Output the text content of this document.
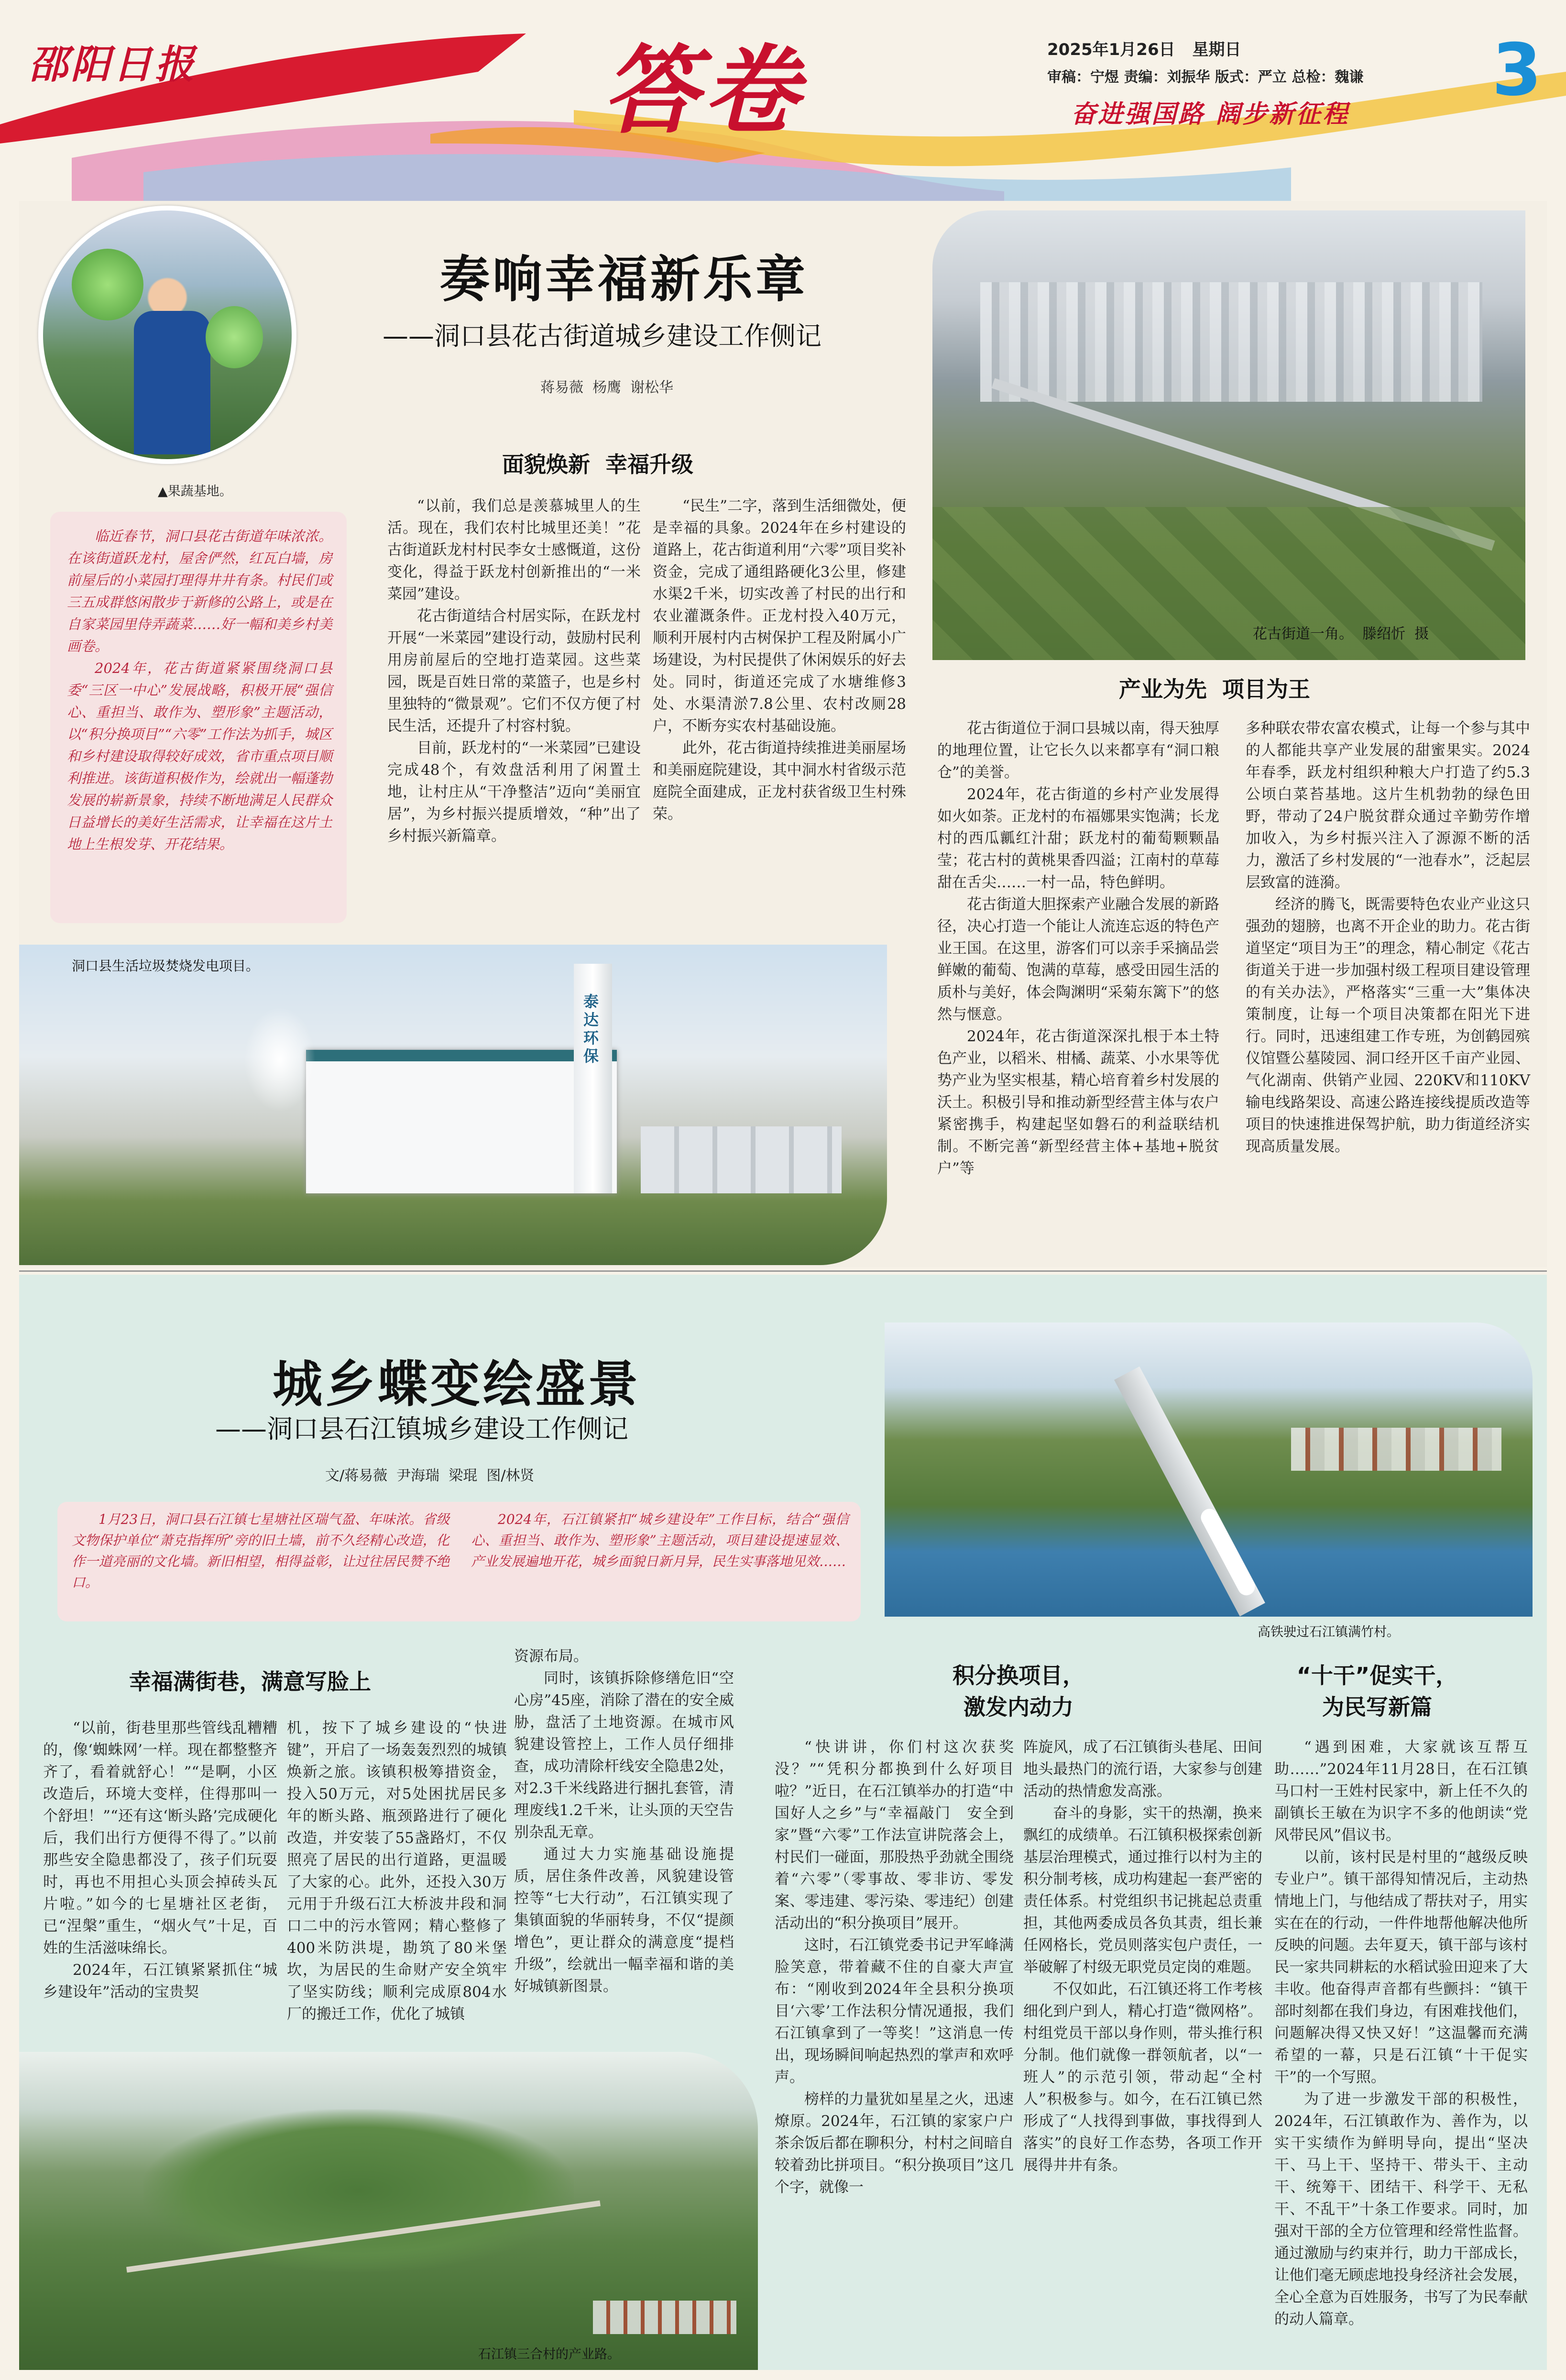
邵阳日报	答卷	2025年1月26日 星期日
审稿：宁煜 责编：刘振华 版式：严立 总检：魏谦
奋进强国路 阔步新征程
3
▲果蔬基地。

临近春节，洞口县花古街道年味浓浓。在该街道跃龙村，屋舍俨然，红瓦白墙，房前屋后的小菜园打理得井井有条。村民们或三五成群悠闲散步于新修的公路上，或是在自家菜园里侍弄蔬菜……好一幅和美乡村美画卷。

2024年，花古街道紧紧围绕洞口县委“三区一中心”发展战略，积极开展“强信心、重担当、敢作为、塑形象”主题活动，以“积分换项目”“六零”工作法为抓手，城区和乡村建设取得较好成效，省市重点项目顺利推进。该街道积极作为，绘就出一幅蓬勃发展的崭新景象，持续不断地满足人民群众日益增长的美好生活需求，让幸福在这片土地上生根发芽、开花结果。

奏响幸福新乐章
——洞口县花古街道城乡建设工作侧记
蒋易薇  杨鹰  谢松华
花古街道一角。  滕绍忻  摄
面貌焕新  幸福升级
产业为先  项目为王

“以前，我们总是羡慕城里人的生活。现在，我们农村比城里还美！”花古街道跃龙村村民李女士感慨道，这份变化，得益于跃龙村创新推出的“一米菜园”建设。

花古街道结合村居实际，在跃龙村开展“一米菜园”建设行动，鼓励村民利用房前屋后的空地打造菜园。这些菜园，既是百姓日常的菜篮子，也是乡村里独特的“微景观”。它们不仅方便了村民生活，还提升了村容村貌。

目前，跃龙村的“一米菜园”已建设完成48个，有效盘活利用了闲置土地，让村庄从“干净整洁”迈向“美丽宜居”，为乡村振兴提质增效，“种”出了乡村振兴新篇章。

“民生”二字，落到生活细微处，便是幸福的具象。2024年在乡村建设的道路上，花古街道利用“六零”项目奖补资金，完成了通组路硬化3公里，修建水渠2千米，切实改善了村民的出行和农业灌溉条件。正龙村投入40万元，顺利开展村内古树保护工程及附属小广场建设，为村民提供了休闲娱乐的好去处。同时，街道还完成了水塘维修3处、水渠清淤7.8公里、农村改厕28户，不断夯实农村基础设施。

此外，花古街道持续推进美丽屋场和美丽庭院建设，其中洞水村省级示范庭院全面建成，正龙村获省级卫生村殊荣。

花古街道位于洞口县城以南，得天独厚的地理位置，让它长久以来都享有“洞口粮仓”的美誉。

2024年，花古街道的乡村产业发展得如火如荼。正龙村的布福娜果实饱满；长龙村的西瓜瓤红汁甜；跃龙村的葡萄颗颗晶莹；花古村的黄桃果香四溢；江南村的草莓甜在舌尖……一村一品，特色鲜明。

花古街道大胆探索产业融合发展的新路径，决心打造一个能让人流连忘返的特色产业王国。在这里，游客们可以亲手采摘品尝鲜嫩的葡萄、饱满的草莓，感受田园生活的质朴与美好，体会陶渊明“采菊东篱下”的悠然与惬意。

2024年，花古街道深深扎根于本土特色产业，以稻米、柑橘、蔬菜、小水果等优势产业为坚实根基，精心培育着乡村发展的沃土。积极引导和推动新型经营主体与农户紧密携手，构建起坚如磐石的利益联结机制。不断完善“新型经营主体+基地+脱贫户”等

多种联农带农富农模式，让每一个参与其中的人都能共享产业发展的甜蜜果实。2024年春季，跃龙村组织种粮大户打造了约5.3公顷白菜苔基地。这片生机勃勃的绿色田野，带动了24户脱贫群众通过辛勤劳作增加收入，为乡村振兴注入了源源不断的活力，激活了乡村发展的“一池春水”，泛起层层致富的涟漪。

经济的腾飞，既需要特色农业产业这只强劲的翅膀，也离不开企业的助力。花古街道坚定“项目为王”的理念，精心制定《花古街道关于进一步加强村级工程项目建设管理的有关办法》，严格落实“三重一大”集体决策制度，让每一个项目决策都在阳光下进行。同时，迅速组建工作专班，为创鹤园殡仪馆暨公墓陵园、洞口经开区千亩产业园、气化湖南、供销产业园、220KV和110KV输电线路架设、高速公路连接线提质改造等项目的快速推进保驾护航，助力街道经济实现高质量发展。

泰达环保
洞口县生活垃圾焚烧发电项目。
城乡蝶变绘盛景
——洞口县石江镇城乡建设工作侧记
文/蒋易薇  尹海瑞  梁琨  图/林贤

1月23日，洞口县石江镇七星塘社区瑞气盈、年味浓。省级文物保护单位“萧克指挥所”旁的旧土墙，前不久经精心改造，化作一道亮丽的文化墙。新旧相望，相得益彰，让过往居民赞不绝口。

2024年，石江镇紧扣“城乡建设年”工作目标，结合“强信心、重担当、敢作为、塑形象”主题活动，项目建设提速显效、产业发展遍地开花，城乡面貌日新月异，民生实事落地见效……

高铁驶过石江镇满竹村。
幸福满街巷，满意写脸上	积分换项目，
激发内动力
“十干”促实干，
为民写新篇

“以前，街巷里那些管线乱糟糟的，像‘蜘蛛网’一样。现在都整整齐齐了，看着就舒心！”“是啊，小区改造后，环境大变样，住得那叫一个舒坦！”“还有这‘断头路’完成硬化后，我们出行方便得不得了。”以前那些安全隐患都没了，孩子们玩耍时，再也不用担心头顶会掉砖头瓦片啦。”如今的七星塘社区老街，已“涅槃”重生，“烟火气”十足，百姓的生活滋味绵长。

2024年，石江镇紧紧抓住“城乡建设年”活动的宝贵契

机，按下了城乡建设的“快进键”，开启了一场轰轰烈烈的城镇焕新之旅。该镇积极筹措资金，投入50万元，对5处困扰居民多年的断头路、瓶颈路进行了硬化改造，并安装了55盏路灯，不仅照亮了居民的出行道路，更温暖了大家的心。此外，还投入30万元用于升级石江大桥波井段和洞口二中的污水管网；精心整修了400米防洪堤，勘筑了80米堡坎，为居民的生命财产安全筑牢了坚实防线；顺利完成原804水厂的搬迁工作，优化了城镇

资源布局。

同时，该镇拆除修缮危旧“空心房”45座，消除了潜在的安全威胁，盘活了土地资源。在城市风貌建设管控上，工作人员仔细排查，成功清除杆线安全隐患2处，对2.3千米线路进行捆扎套管，清理废线1.2千米，让头顶的天空告别杂乱无章。

通过大力实施基础设施提质，居住条件改善，风貌建设管控等“七大行动”，石江镇实现了集镇面貌的华丽转身，不仅“提颜增色”，更让群众的满意度“提档升级”，绘就出一幅幸福和谐的美好城镇新图景。

“快讲讲，你们村这次获奖没？”“凭积分都换到什么好项目啦？”近日，在石江镇举办的打造“中国好人之乡”与“幸福敲门　安全到家”暨“六零”工作法宣讲院落会上，村民们一碰面，那股热乎劲就全围绕着“六零”（零事故、零非访、零发案、零违建、零污染、零违纪）创建活动出的“积分换项目”展开。

这时，石江镇党委书记尹军峰满脸笑意，带着藏不住的自豪大声宣布：“刚收到2024年全县积分换项目‘六零’工作法积分情况通报，我们石江镇拿到了一等奖！”这消息一传出，现场瞬间响起热烈的掌声和欢呼声。

榜样的力量犹如星星之火，迅速燎原。2024年，石江镇的家家户户茶余饭后都在聊积分，村村之间暗自较着劲比拼项目。“积分换项目”这几个字，就像一

阵旋风，成了石江镇街头巷尾、田间地头最热门的流行语，大家参与创建活动的热情愈发高涨。

奋斗的身影，实干的热潮，换来飘红的成绩单。石江镇积极探索创新基层治理模式，通过推行以村为主的积分制考核，成功构建起一套严密的责任体系。村党组织书记挑起总责重担，其他两委成员各负其责，组长兼任网格长，党员则落实包户责任，一举破解了村级无职党员定岗的难题。

不仅如此，石江镇还将工作考核细化到户到人，精心打造“微网格”。村组党员干部以身作则，带头推行积分制。他们就像一群领航者，以“一班人”的示范引领，带动起“全村人”积极参与。如今，在石江镇已然形成了“人找得到事做，事找得到人落实”的良好工作态势，各项工作开展得井井有条。

“遇到困难，大家就该互帮互助……”2024年11月28日，在石江镇马口村一王姓村民家中，新上任不久的副镇长王敏在为识字不多的他朗读“党风带民风”倡议书。

以前，该村民是村里的“越级反映专业户”。镇干部得知情况后，主动热情地上门，与他结成了帮扶对子，用实实在在的行动，一件件地帮他解决他所反映的问题。去年夏天，镇干部与该村民一家共同耕耘的水稻试验田迎来了大丰收。他奋得声音都有些颤抖：“镇干部时刻都在我们身边，有困难找他们，问题解决得又快又好！”这温馨而充满希望的一幕，只是石江镇“十干促实干”的一个写照。

为了进一步激发干部的积极性，2024年，石江镇敢作为、善作为，以实干实绩作为鲜明导向，提出“坚决干、马上干、坚持干、带头干、主动干、统筹干、团结干、科学干、无私干、不乱干”十条工作要求。同时，加强对干部的全方位管理和经常性监督。通过激励与约束并行，助力干部成长，让他们毫无顾虑地投身经济社会发展，全心全意为百姓服务，书写了为民奉献的动人篇章。

石江镇三合村的产业路。
